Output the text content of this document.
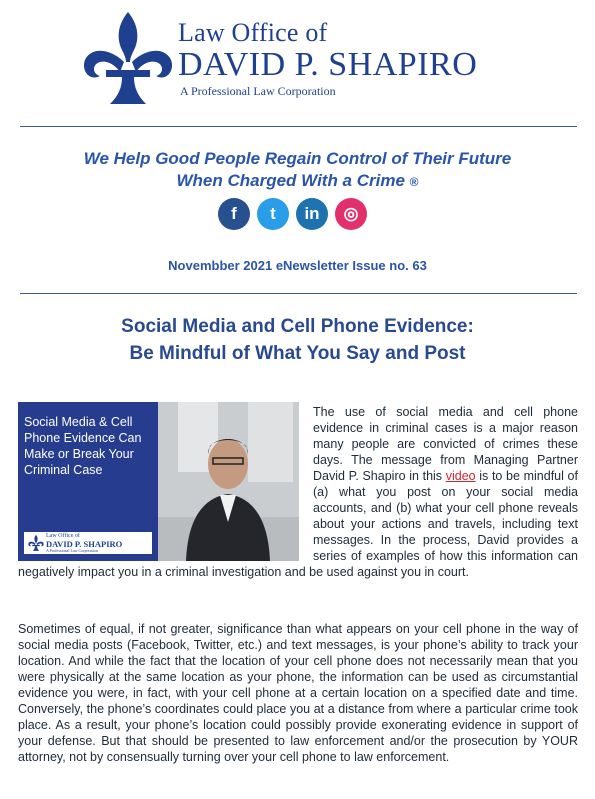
Law Office of
DAVID P. SHAPIRO
A Professional Law Corporation
We Help Good People Regain Control of Their Future
When Charged With a Crime ®
f	t	in	◎
Novembber 2021 eNewsletter Issue no. 63
Social Media and Cell Phone Evidence:
Be Mindful of What You Say and Post
Social Media & Cell Phone Evidence Can Make or Break Your Criminal Case
Law Office of
DAVID P. SHAPIRO
A Professional Law Corporation
The use of social media and cell phone evidence in criminal cases is a major reason many people are convicted of crimes these days. The message from Managing Partner David P. Shapiro in this video is to be mindful of (a) what you post on your social media accounts, and (b) what your cell phone reveals about your actions and travels, including text messages. In the process, David provides a series of examples of how this information can negatively impact you in a criminal investigation and be used against you in court.
Sometimes of equal, if not greater, significance than what appears on your cell phone in the way of social media posts (Facebook, Twitter, etc.) and text messages, is your phone’s ability to track your location. And while the fact that the location of your cell phone does not necessarily mean that you were physically at the same location as your phone, the information can be used as circumstantial evidence you were, in fact, with your cell phone at a certain location on a specified date and time. Conversely, the phone’s coordinates could place you at a distance from where a particular crime took place. As a result, your phone’s location could possibly provide exonerating evidence in support of your defense. But that should be presented to law enforcement and/or the prosecution by YOUR attorney, not by consensually turning over your cell phone to law enforcement.
